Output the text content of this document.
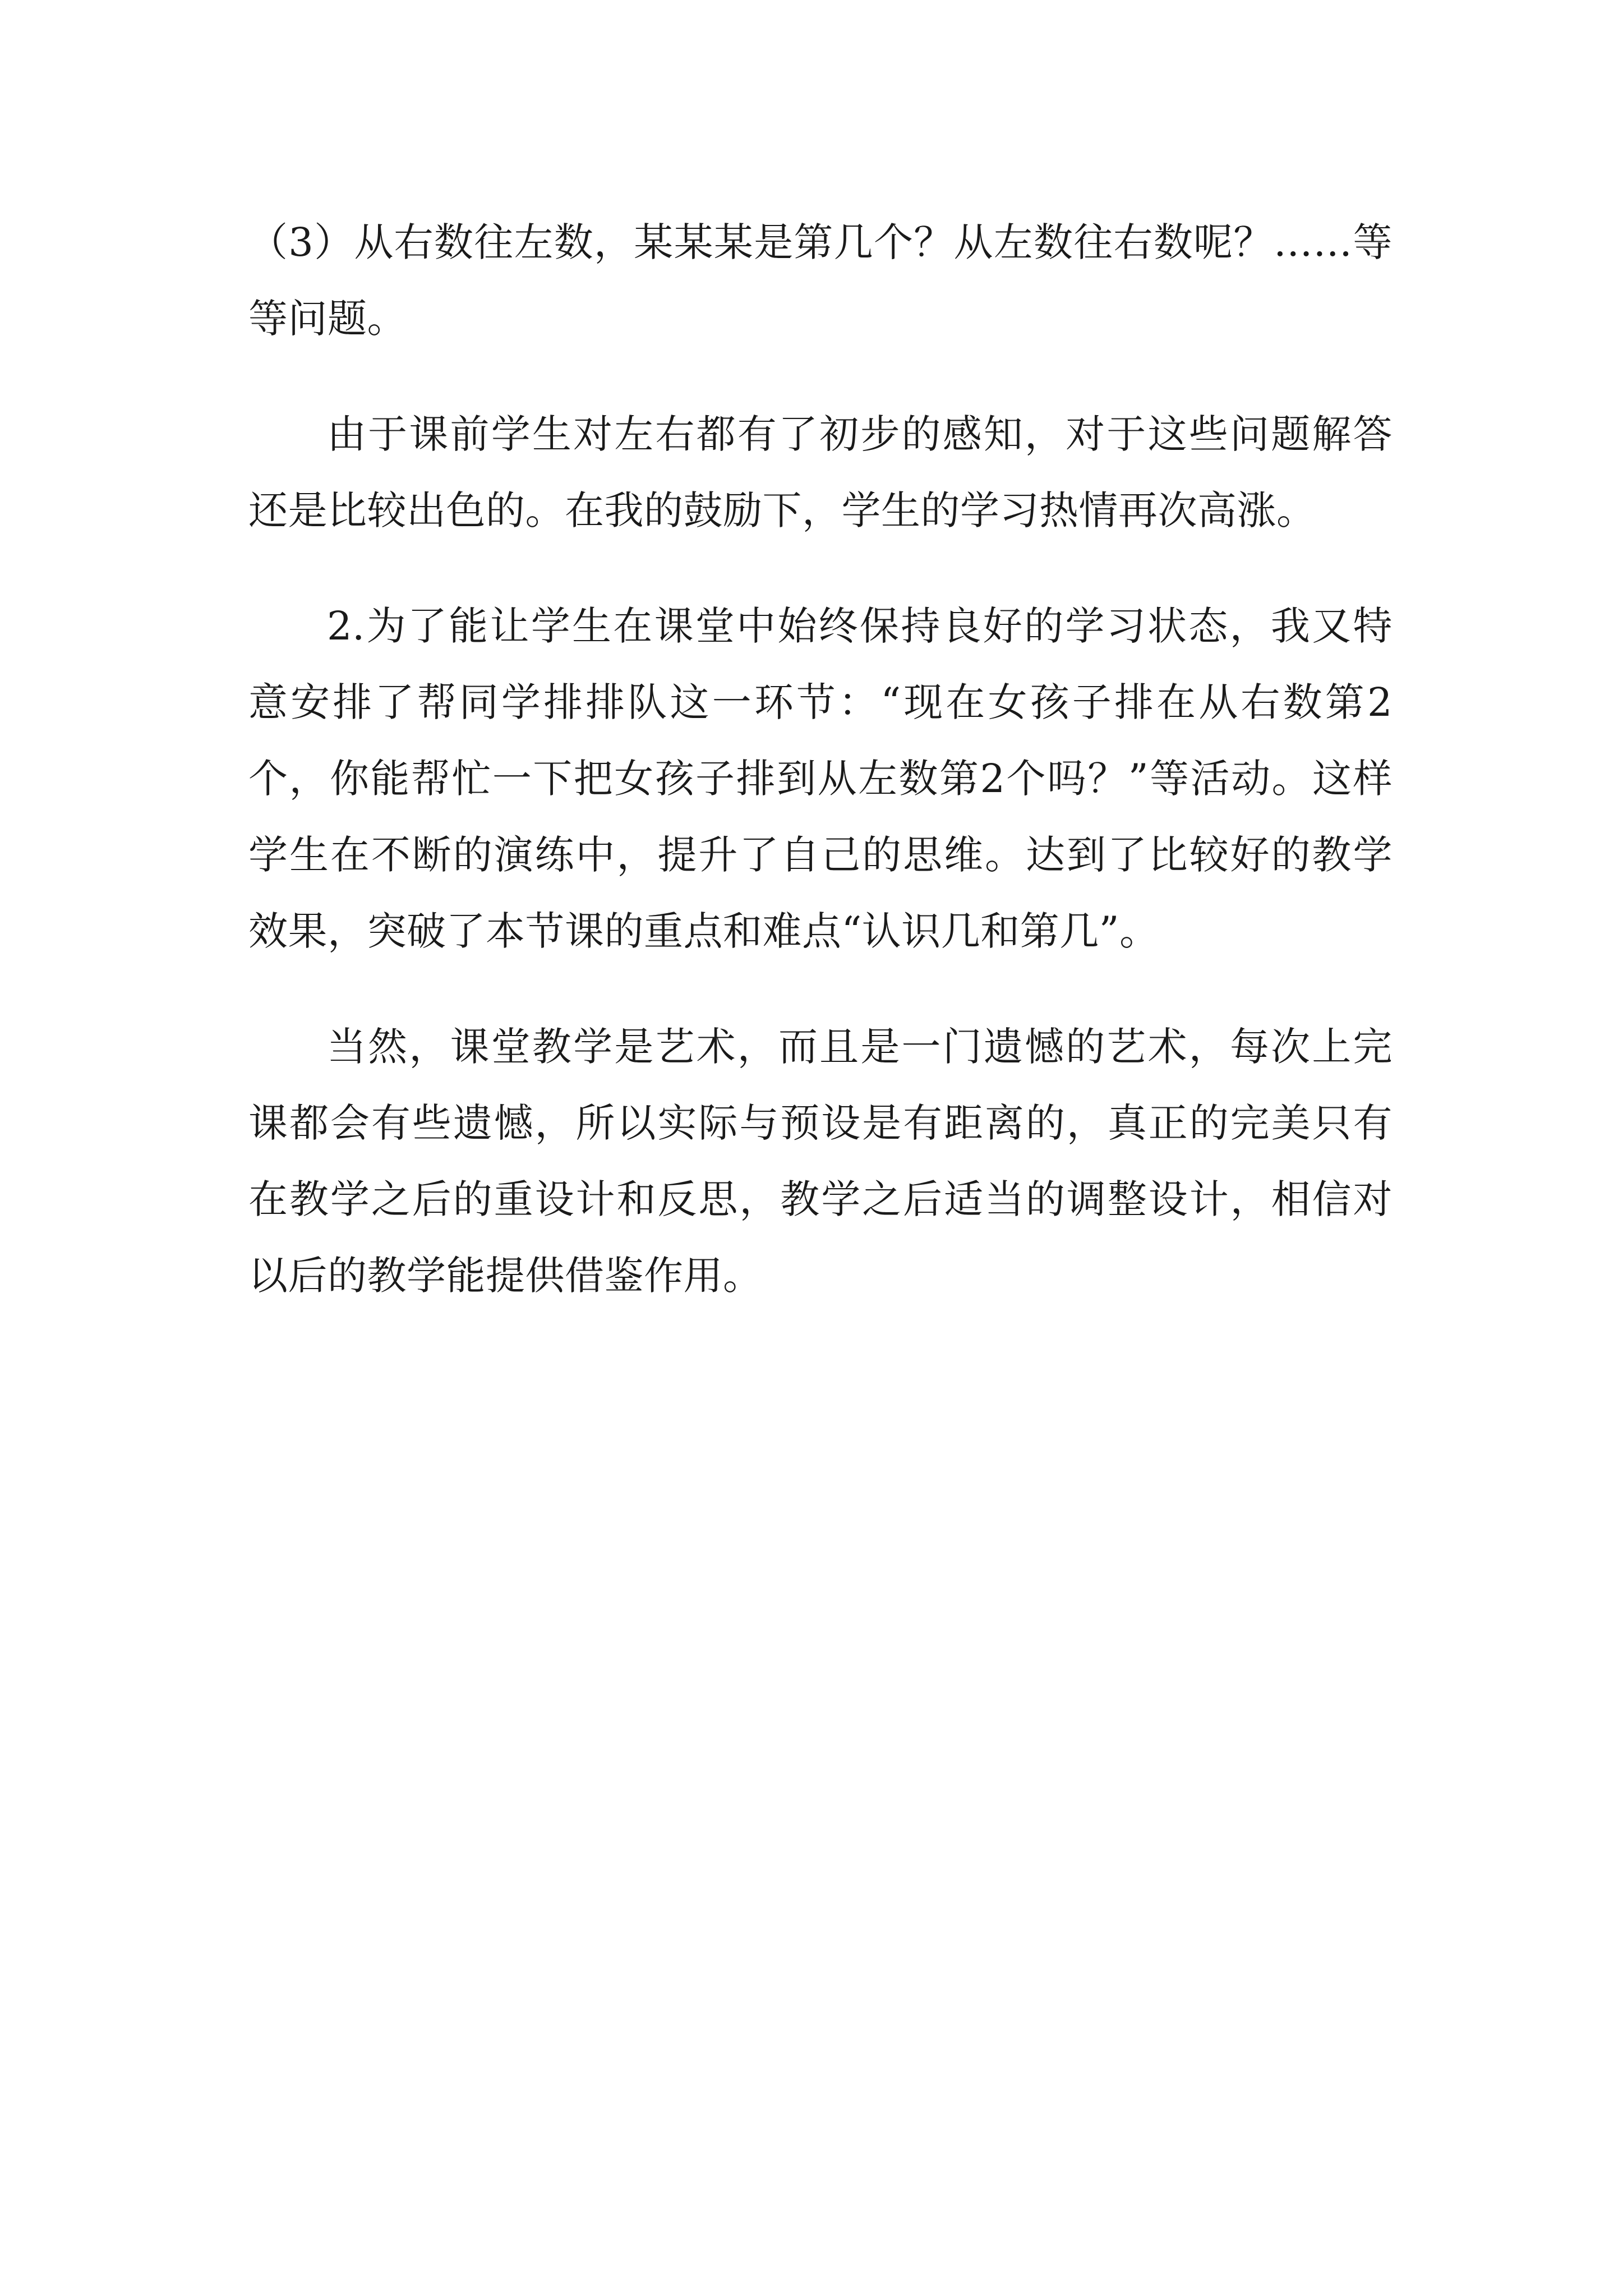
（3）从右数往左数，某某某是第几个？从左数往右数呢？……等等问题。

由于课前学生对左右都有了初步的感知，对于这些问题解答还是比较出色的。在我的鼓励下，学生的学习热情再次高涨。

2.为了能让学生在课堂中始终保持良好的学习状态，我又特意安排了帮同学排排队这一环节：“现在女孩子排在从右数第2个，你能帮忙一下把女孩子排到从左数第2个吗？”等活动。这样学生在不断的演练中，提升了自己的思维。达到了比较好的教学效果，突破了本节课的重点和难点“认识几和第几”。

当然，课堂教学是艺术，而且是一门遗憾的艺术，每次上完课都会有些遗憾，所以实际与预设是有距离的，真正的完美只有在教学之后的重设计和反思，教学之后适当的调整设计，相信对以后的教学能提供借鉴作用。
